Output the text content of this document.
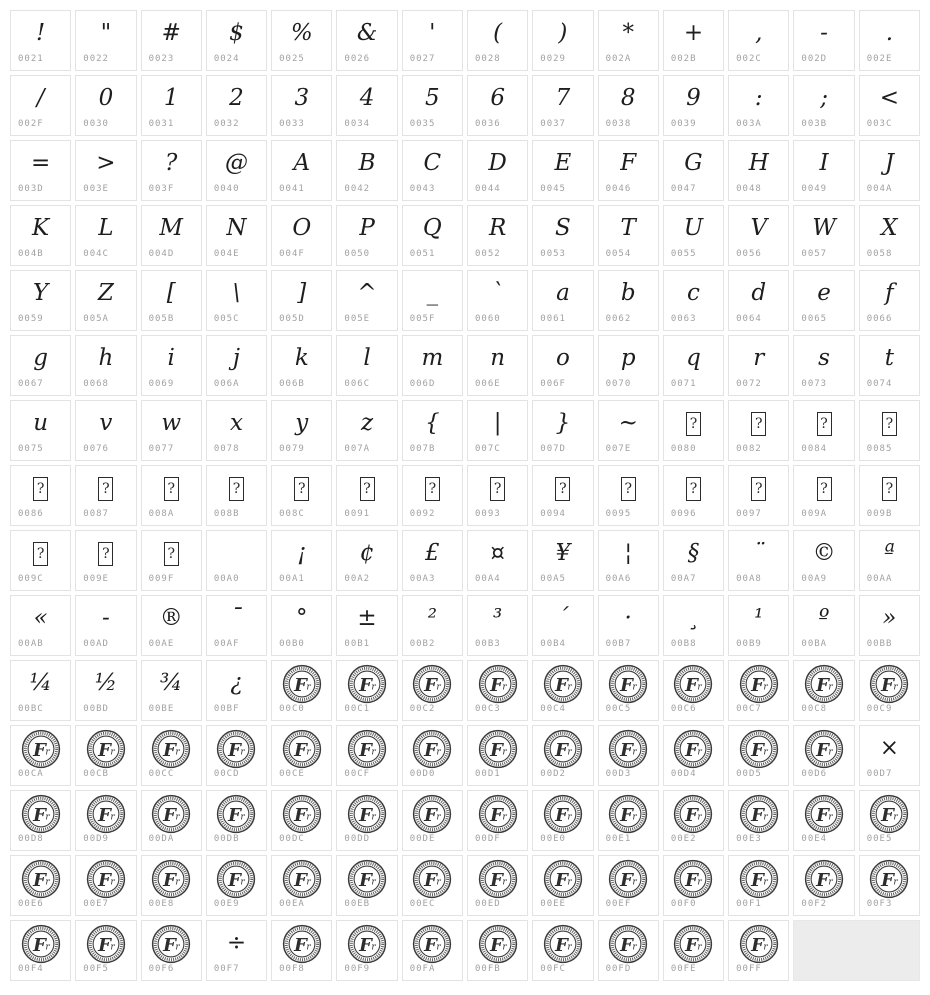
!
0021
"
0022
#
0023
$
0024
%
0025
&
0026
'
0027
(
0028
)
0029
*
002A
+
002B
,
002C
-
002D
.
002E
/
002F
0
0030
1
0031
2
0032
3
0033
4
0034
5
0035
6
0036
7
0037
8
0038
9
0039
:
003A
;
003B
<
003C
=
003D
>
003E
?
003F
@
0040
A
0041
B
0042
C
0043
D
0044
E
0045
F
0046
G
0047
H
0048
I
0049
J
004A
K
004B
L
004C
M
004D
N
004E
O
004F
P
0050
Q
0051
R
0052
S
0053
T
0054
U
0055
V
0056
W
0057
X
0058
Y
0059
Z
005A
[
005B
\
005C
]
005D
^
005E
_
005F
`
0060
a
0061
b
0062
c
0063
d
0064
e
0065
f
0066
g
0067
h
0068
i
0069
j
006A
k
006B
l
006C
m
006D
n
006E
o
006F
p
0070
q
0071
r
0072
s
0073
t
0074
u
0075
v
0076
w
0077
x
0078
y
0079
z
007A
{
007B
|
007C
}
007D
~
007E
?
0080
?
0082
?
0084
?
0085
?
0086
?
0087
?
008A
?
008B
?
008C
?
0091
?
0092
?
0093
?
0094
?
0095
?
0096
?
0097
?
009A
?
009B
?
009C
?
009E
?
009F	00A0
¡
00A1
¢
00A2
£
00A3
¤
00A4
¥
00A5
¦
00A6
§
00A7
¨
00A8
©
00A9
ª
00AA
«
00AB
-
00AD
®
00AE
¯
00AF
°
00B0
±
00B1
²
00B2
³
00B3
´
00B4
·
00B7
¸
00B8
¹
00B9
º
00BA
»
00BB
¼
00BC
½
00BD
¾
00BE
¿
00BF
F r
00C0
F r
00C1
F r
00C2
F r
00C3
F r
00C4
F r
00C5
F r
00C6
F r
00C7
F r
00C8
F r
00C9
F r
00CA
F r
00CB
F r
00CC
F r
00CD
F r
00CE
F r
00CF
F r
00D0
F r
00D1
F r
00D2
F r
00D3
F r
00D4
F r
00D5
F r
00D6
×
00D7
F r
00D8
F r
00D9
F r
00DA
F r
00DB
F r
00DC
F r
00DD
F r
00DE
F r
00DF
F r
00E0
F r
00E1
F r
00E2
F r
00E3
F r
00E4
F r
00E5
F r
00E6
F r
00E7
F r
00E8
F r
00E9
F r
00EA
F r
00EB
F r
00EC
F r
00ED
F r
00EE
F r
00EF
F r
00F0
F r
00F1
F r
00F2
F r
00F3
F r
00F4
F r
00F5
F r
00F6
÷
00F7
F r
00F8
F r
00F9
F r
00FA
F r
00FB
F r
00FC
F r
00FD
F r
00FE
F r
00FF
